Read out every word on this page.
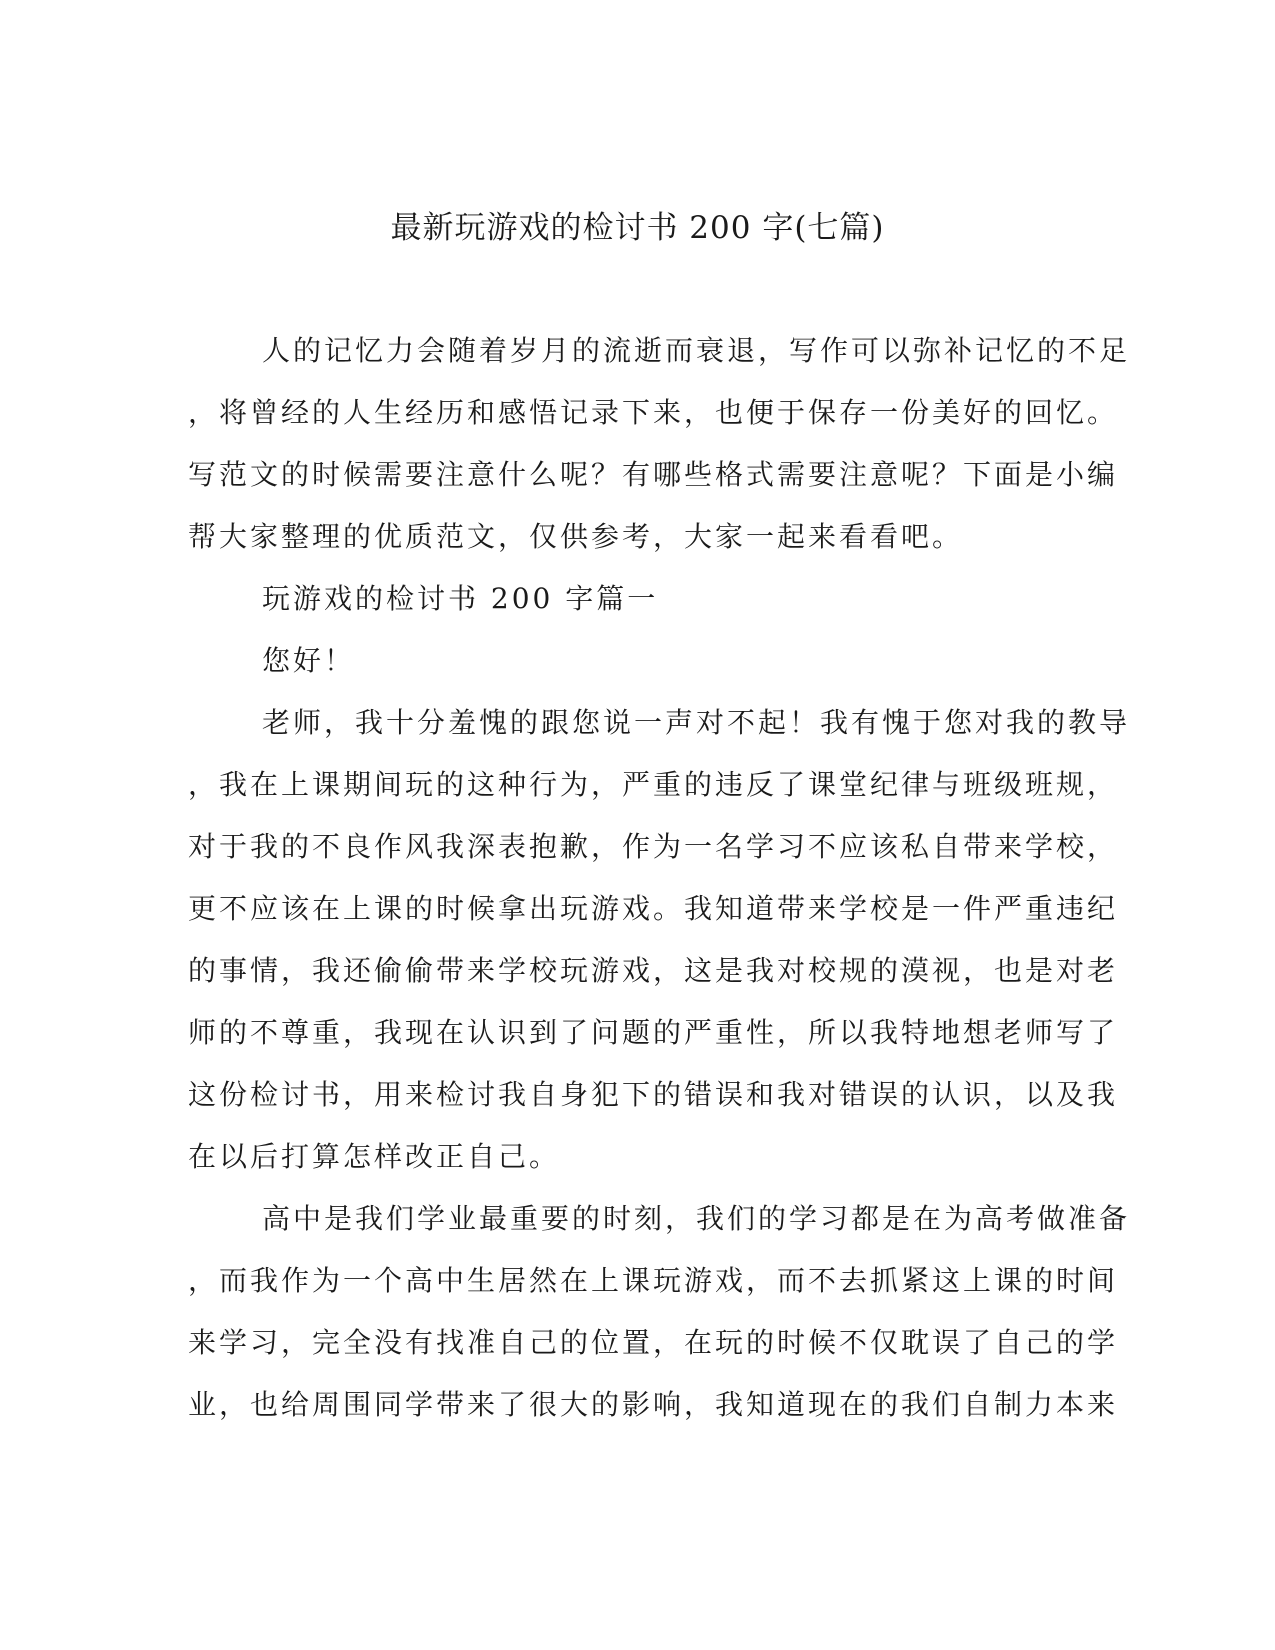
最新玩游戏的检讨书 200 字(七篇)

人的记忆力会随着岁月的流逝而衰退，写作可以弥补记忆的不足

，将曾经的人生经历和感悟记录下来，也便于保存一份美好的回忆。

写范文的时候需要注意什么呢？有哪些格式需要注意呢？下面是小编

帮大家整理的优质范文，仅供参考，大家一起来看看吧。

玩游戏的检讨书 200 字篇一

您好！

老师，我十分羞愧的跟您说一声对不起！我有愧于您对我的教导

，我在上课期间玩的这种行为，严重的违反了课堂纪律与班级班规，

对于我的不良作风我深表抱歉，作为一名学习不应该私自带来学校，

更不应该在上课的时候拿出玩游戏。我知道带来学校是一件严重违纪

的事情，我还偷偷带来学校玩游戏，这是我对校规的漠视，也是对老

师的不尊重，我现在认识到了问题的严重性，所以我特地想老师写了

这份检讨书，用来检讨我自身犯下的错误和我对错误的认识，以及我

在以后打算怎样改正自己。

高中是我们学业最重要的时刻，我们的学习都是在为高考做准备

，而我作为一个高中生居然在上课玩游戏，而不去抓紧这上课的时间

来学习，完全没有找准自己的位置，在玩的时候不仅耽误了自己的学

业，也给周围同学带来了很大的影响，我知道现在的我们自制力本来
